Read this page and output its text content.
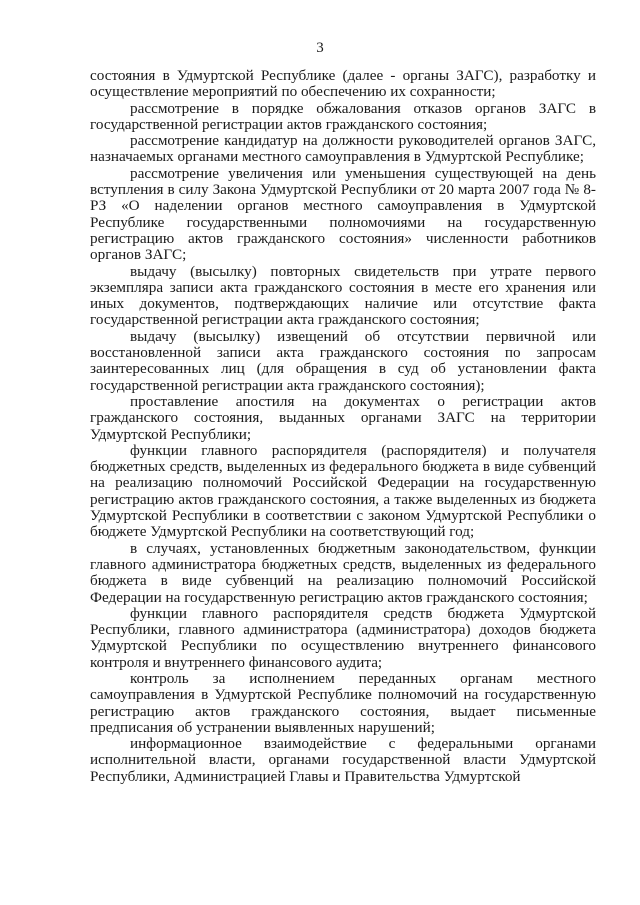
3

состояния в Удмуртской Республике (далее - органы ЗАГС), разработку и осуществление мероприятий по обеспечению их сохранности;

рассмотрение в порядке обжалования отказов органов ЗАГС в государственной регистрации актов гражданского состояния;

рассмотрение кандидатур на должности руководителей органов ЗАГС, назначаемых органами местного самоуправления в Удмуртской Республике;

рассмотрение увеличения или уменьшения существующей на день вступления в силу Закона Удмуртской Республики от 20 марта 2007 года № 8-РЗ «О наделении органов местного самоуправления в Удмуртской Республике государственными полномочиями на государственную регистрацию актов гражданского состояния» численности работников органов ЗАГС;

выдачу (высылку) повторных свидетельств при утрате первого экземпляра записи акта гражданского состояния в месте его хранения или иных документов, подтверждающих наличие или отсутствие факта государственной регистрации акта гражданского состояния;

выдачу (высылку) извещений об отсутствии первичной или восстановленной записи акта гражданского состояния по запросам заинтересованных лиц (для обращения в суд об установлении факта государственной регистрации акта гражданского состояния);

проставление апостиля на документах о регистрации актов гражданского состояния, выданных органами ЗАГС на территории Удмуртской Республики;

функции главного распорядителя (распорядителя) и получателя бюджетных средств, выделенных из федерального бюджета в виде субвенций на реализацию полномочий Российской Федерации на государственную регистрацию актов гражданского состояния, а также выделенных из бюджета Удмуртской Республики в соответствии с законом Удмуртской Республики о бюджете Удмуртской Республики на соответствующий год;

в случаях, установленных бюджетным законодательством, функции главного администратора бюджетных средств, выделенных из федерального бюджета в виде субвенций на реализацию полномочий Российской Федерации на государственную регистрацию актов гражданского состояния;

функции главного распорядителя средств бюджета Удмуртской Республики, главного администратора (администратора) доходов бюджета Удмуртской Республики по осуществлению внутреннего финансового контроля и внутреннего финансового аудита;

контроль за исполнением переданных органам местного самоуправления в Удмуртской Республике полномочий на государственную регистрацию актов гражданского состояния, выдает письменные предписания об устранении выявленных нарушений;

информационное взаимодействие с федеральными органами исполнительной власти, органами государственной власти Удмуртской Республики, Администрацией Главы и Правительства Удмуртской
